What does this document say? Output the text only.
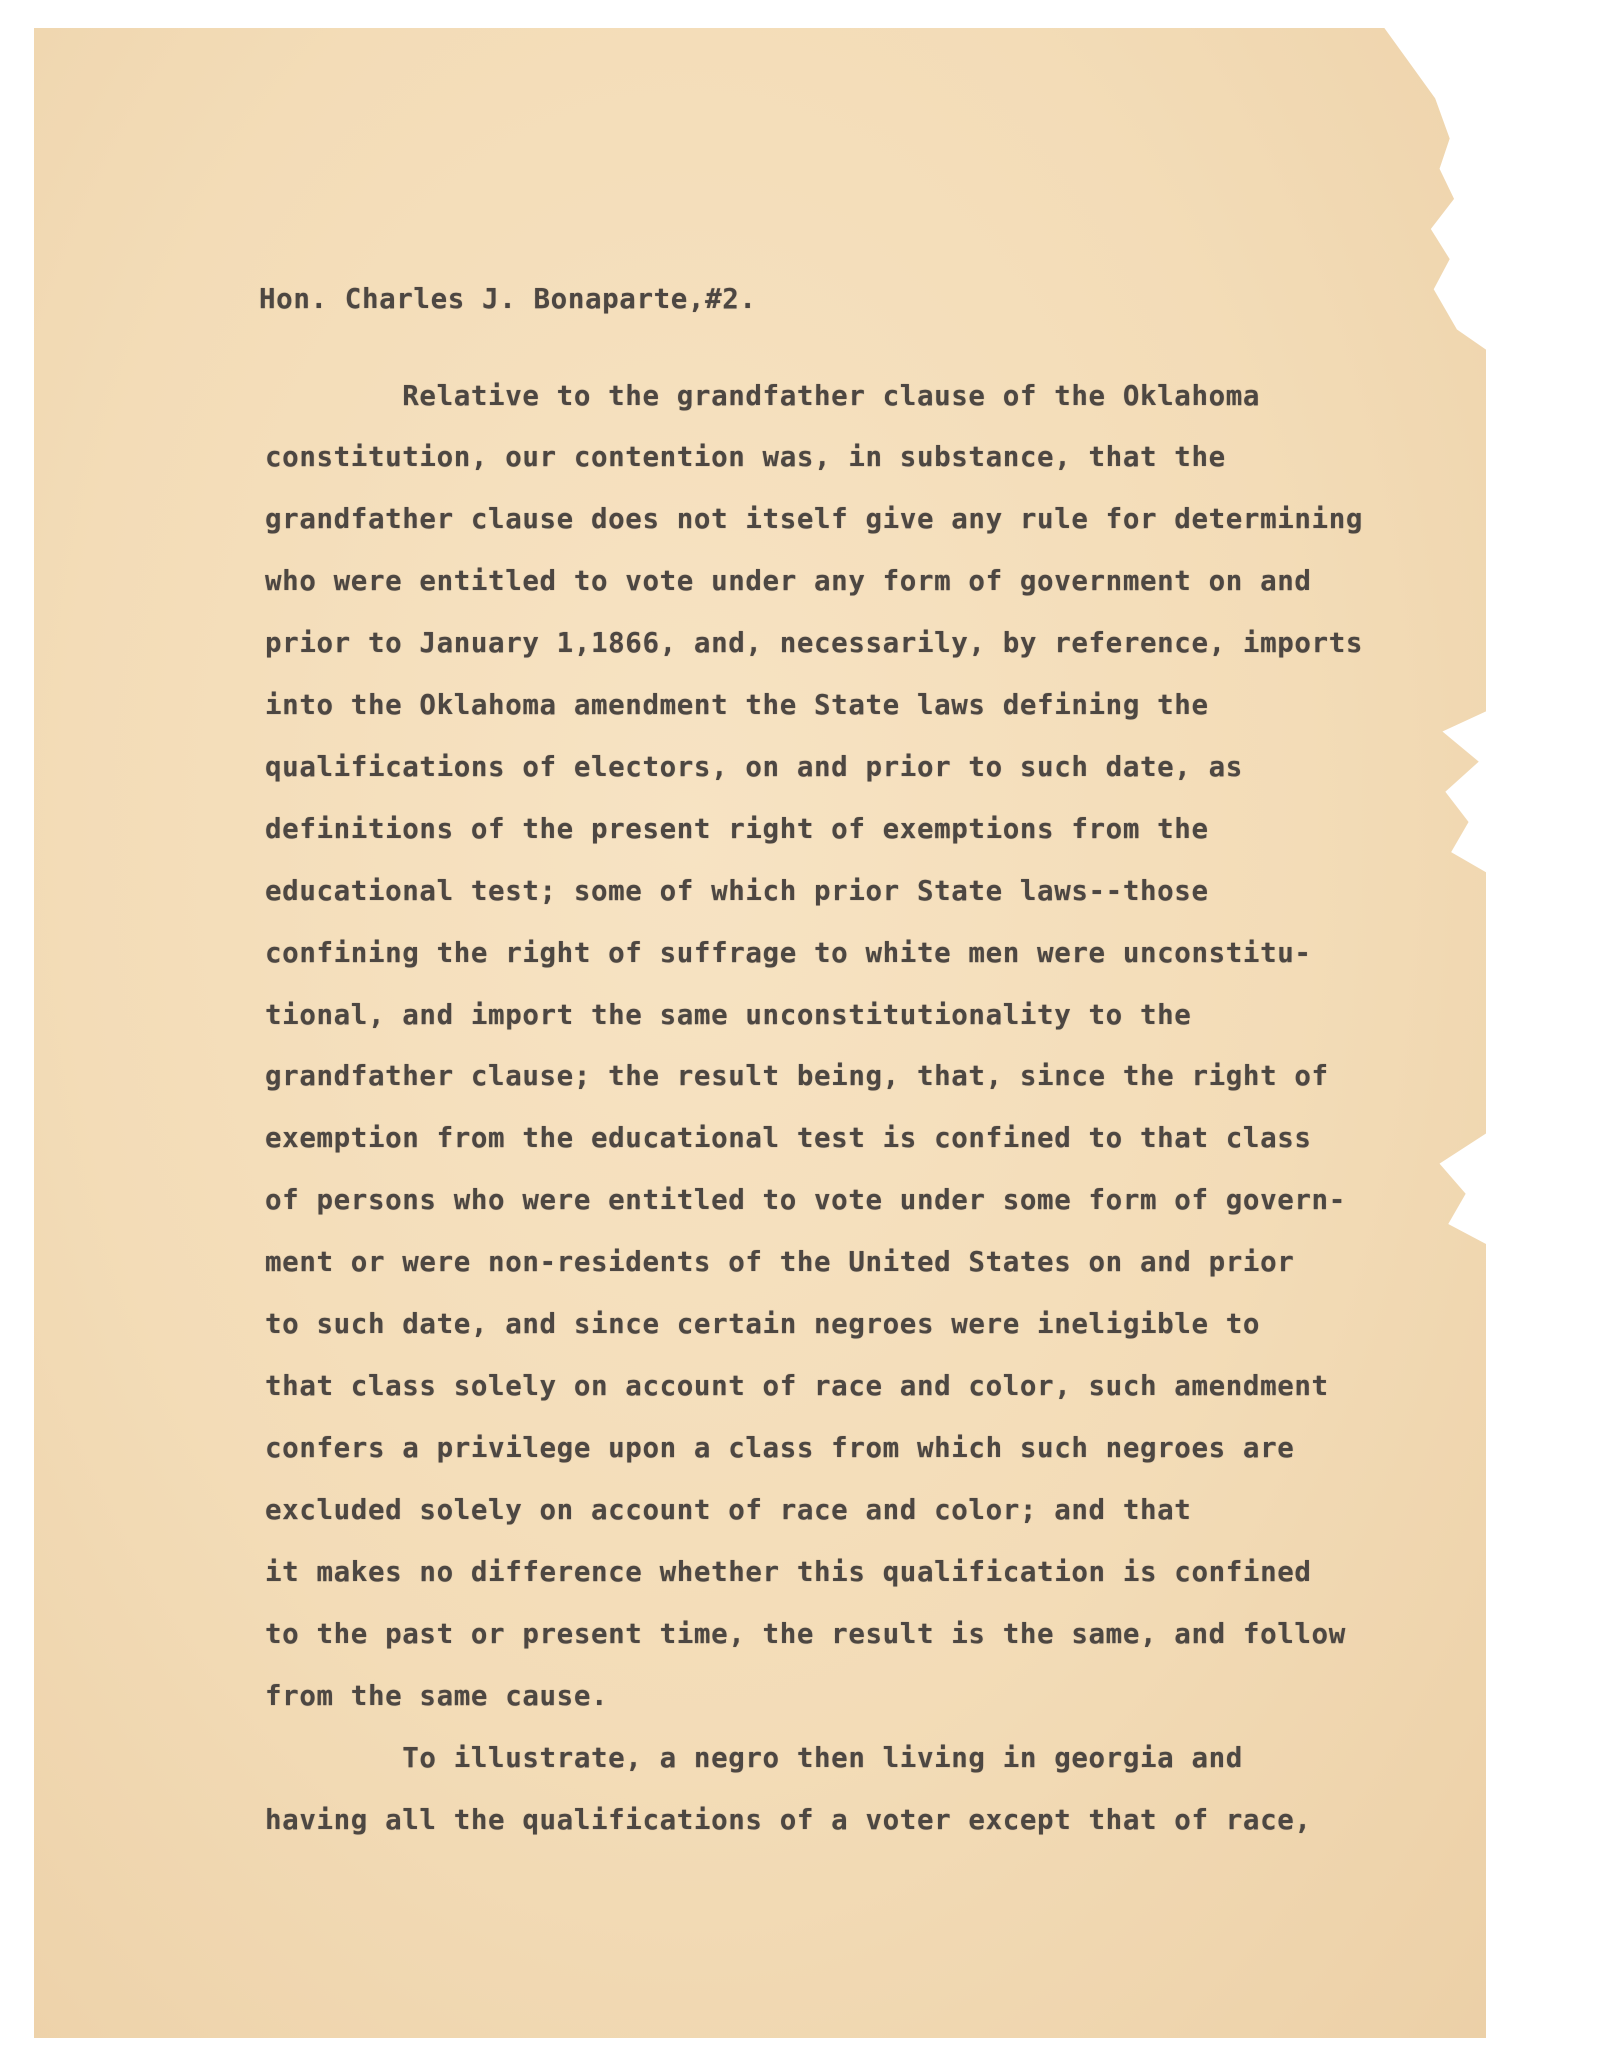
Hon. Charles J. Bonaparte,#2.
Relative to the grandfather clause of the Oklahoma
constitution, our contention was, in substance, that the
grandfather clause does not itself give any rule for determining
who were entitled to vote under any form of government on and
prior to January 1,1866, and, necessarily, by reference, imports
into the Oklahoma amendment the State laws defining the
qualifications of electors, on and prior to such date, as
definitions of the present right of exemptions from the
educational test; some of which prior State laws--those
confining the right of suffrage to white men were unconstitu-
tional, and import the same unconstitutionality to the
grandfather clause; the result being, that, since the right of
exemption from the educational test is confined to that class
of persons who were entitled to vote under some form of govern-
ment or were non-residents of the United States on and prior
to such date, and since certain negroes were ineligible to
that class solely on account of race and color, such amendment
confers a privilege upon a class from which such negroes are
excluded solely on account of race and color; and that
it makes no difference whether this qualification is confined
to the past or present time, the result is the same, and follow
from the same cause.
To illustrate, a negro then living in georgia and
having all the qualifications of a voter except that of race,
